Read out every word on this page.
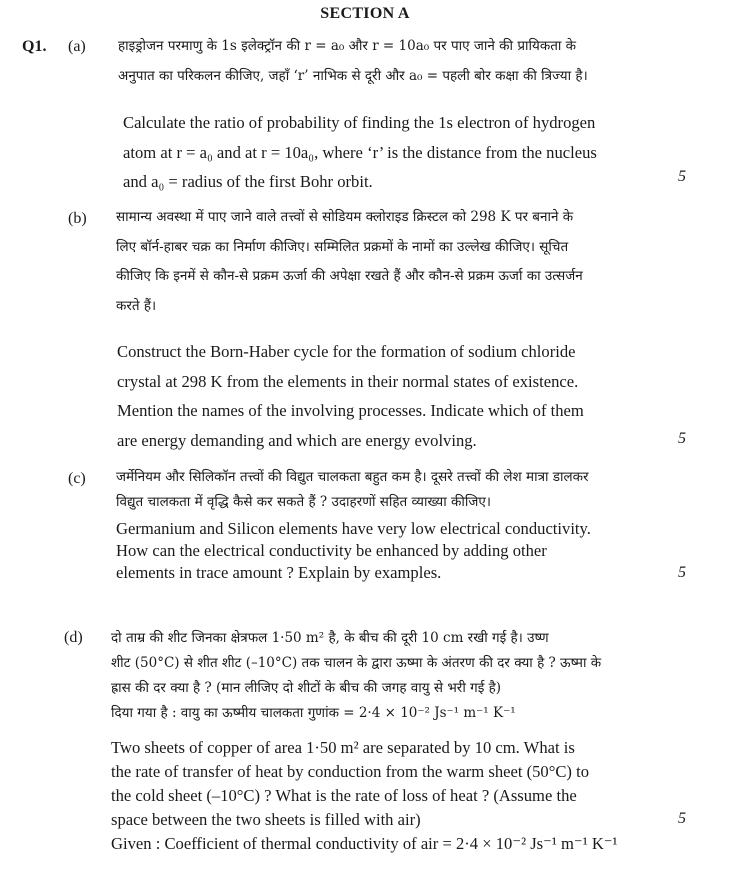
SECTION A
Q1. (a) हाइड्रोजन परमाणु के 1s इलेक्ट्रॉन की r = a₀ और r = 10a₀ पर पाए जाने की प्रायिकता के
अनुपात का परिकलन कीजिए, जहाँ ‘r’ नाभिक से दूरी और a₀ = पहली बोर कक्षा की त्रिज्या है।
Calculate the ratio of probability of finding the 1s electron of hydrogen
atom at r = a₀ and at r = 10a₀, where ‘r’ is the distance from the nucleus
and a₀ = radius of the first Bohr orbit.	5
(b) सामान्य अवस्था में पाए जाने वाले तत्त्वों से सोडियम क्लोराइड क्रिस्टल को 298 K पर बनाने के
लिए बॉर्न-हाबर चक्र का निर्माण कीजिए। सम्मिलित प्रक्रमों के नामों का उल्लेख कीजिए। सूचित
कीजिए कि इनमें से कौन-से प्रक्रम ऊर्जा की अपेक्षा रखते हैं और कौन-से प्रक्रम ऊर्जा का उत्सर्जन
करते हैं।
Construct the Born-Haber cycle for the formation of sodium chloride
crystal at 298 K from the elements in their normal states of existence.
Mention the names of the involving processes. Indicate which of them
are energy demanding and which are energy evolving.	5
(c) जर्मेनियम और सिलिकॉन तत्त्वों की विद्युत चालकता बहुत कम है। दूसरे तत्त्वों की लेश मात्रा डालकर
विद्युत चालकता में वृद्धि कैसे कर सकते हैं ? उदाहरणों सहित व्याख्या कीजिए।
Germanium and Silicon elements have very low electrical conductivity.
How can the electrical conductivity be enhanced by adding other
elements in trace amount ? Explain by examples.	5
(d) दो ताम्र की शीट जिनका क्षेत्रफल 1·50 m² है, के बीच की दूरी 10 cm रखी गई है। उष्ण
शीट (50°C) से शीत शीट (–10°C) तक चालन के द्वारा ऊष्मा के अंतरण की दर क्या है ? ऊष्मा के
ह्रास की दर क्या है ? (मान लीजिए दो शीटों के बीच की जगह वायु से भरी गई है)
दिया गया है : वायु का ऊष्मीय चालकता गुणांक = 2·4 × 10⁻² Js⁻¹ m⁻¹ K⁻¹
Two sheets of copper of area 1·50 m² are separated by 10 cm. What is
the rate of transfer of heat by conduction from the warm sheet (50°C) to
the cold sheet (–10°C) ? What is the rate of loss of heat ? (Assume the
space between the two sheets is filled with air)
Given : Coefficient of thermal conductivity of air = 2·4 × 10⁻² Js⁻¹ m⁻¹ K⁻¹
5
